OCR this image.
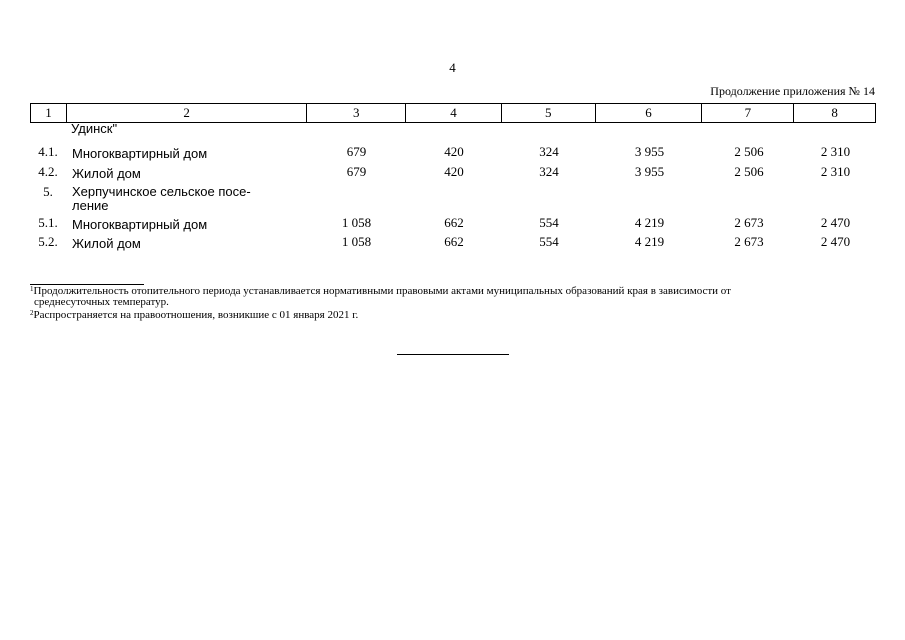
4
Продолжение приложения № 14
1	2	3	4	5	6	7	8
Удинск"
4.1.	Многоквартирный дом	679	420	324	3 955	2 506	2 310
4.2.	Жилой дом	679	420	324	3 955	2 506	2 310
5.	Херпучинское сельское посе-
ление
5.1.	Многоквартирный дом	1 058	662	554	4 219	2 673	2 470
5.2.	Жилой дом	1 058	662	554	4 219	2 673	2 470
$^1$Продолжительность отопительного периода устанавливается нормативными правовыми актами муниципальных образований края в зависимости от
среднесуточных температур.
$^2$Распространяется на правоотношения, возникшие с 01 января 2021 г.
